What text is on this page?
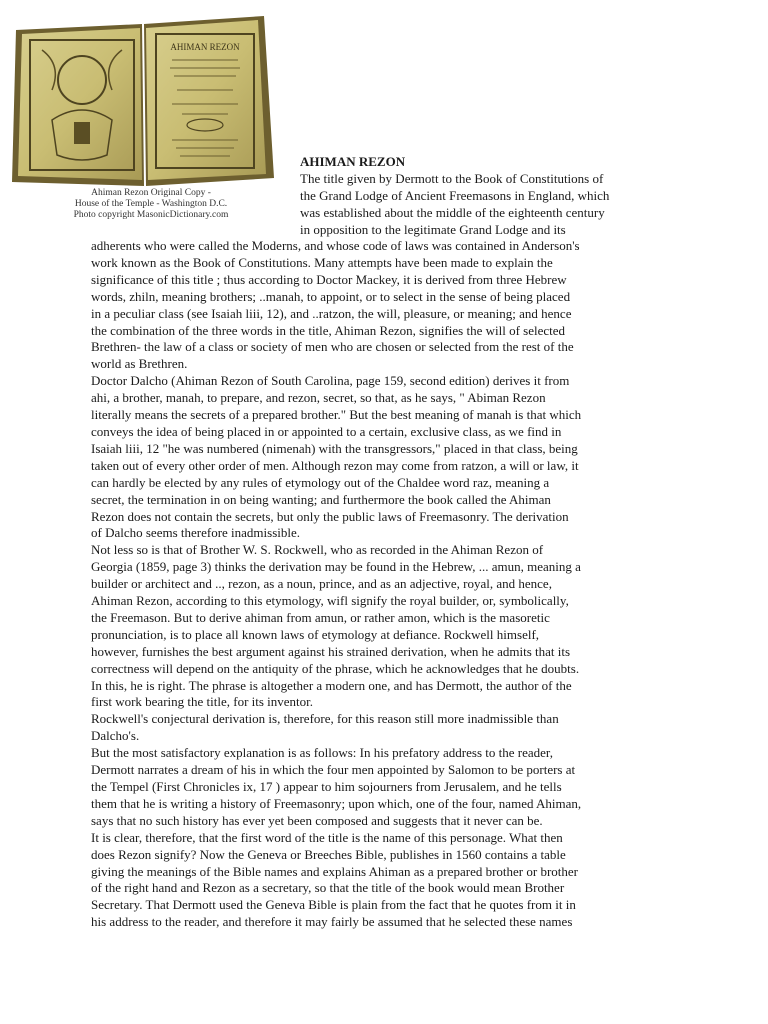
AHIMAN REZON
Ahiman Rezon Original Copy -
House of the Temple - Washington D.C.
Photo copyright MasonicDictionary.com
AHIMAN REZON
The title given by Dermott to the Book of Constitutions of
the Grand Lodge of Ancient Freemasons in England, which
was established about the middle of the eighteenth century
in opposition to the legitimate Grand Lodge and its
adherents who were called the Moderns, and whose code of laws was contained in Anderson's
work known as the Book of Constitutions. Many attempts have been made to explain the
significance of this title ; thus according to Doctor Mackey, it is derived from three Hebrew
words, zhiln, meaning brothers; ..manah, to appoint, or to select in the sense of being placed
in a peculiar class (see Isaiah liii, 12), and ..ratzon, the will, pleasure, or meaning; and hence
the combination of the three words in the title, Ahiman Rezon, signifies the will of selected
Brethren- the law of a class or society of men who are chosen or selected from the rest of the
world as Brethren.
Doctor Dalcho (Ahiman Rezon of South Carolina, page 159, second edition) derives it from
ahi, a brother, manah, to prepare, and rezon, secret, so that, as he says, " Abiman Rezon
literally means the secrets of a prepared brother." But the best meaning of manah is that which
conveys the idea of being placed in or appointed to a certain, exclusive class, as we find in
Isaiah liii, 12 "he was numbered (nimenah) with the transgressors," placed in that class, being
taken out of every other order of men. Although rezon may come from ratzon, a will or law, it
can hardly be elected by any rules of etymology out of the Chaldee word raz, meaning a
secret, the termination in on being wanting; and furthermore the book called the Ahiman
Rezon does not contain the secrets, but only the public laws of Freemasonry. The derivation
of Dalcho seems therefore inadmissible.
Not less so is that of Brother W. S. Rockwell, who as recorded in the Ahiman Rezon of
Georgia (1859, page 3) thinks the derivation may be found in the Hebrew, ... amun, meaning a
builder or architect and .., rezon, as a noun, prince, and as an adjective, royal, and hence,
Ahiman Rezon, according to this etymology, wifl signify the royal builder, or, symbolically,
the Freemason. But to derive ahiman from amun, or rather amon, which is the masoretic
pronunciation, is to place all known laws of etymology at defiance. Rockwell himself,
however, furnishes the best argument against his strained derivation, when he admits that its
correctness will depend on the antiquity of the phrase, which he acknowledges that he doubts.
In this, he is right. The phrase is altogether a modern one, and has Dermott, the author of the
first work bearing the title, for its inventor.
Rockwell's conjectural derivation is, therefore, for this reason still more inadmissible than
Dalcho's.
But the most satisfactory explanation is as follows: In his prefatory address to the reader,
Dermott narrates a dream of his in which the four men appointed by Salomon to be porters at
the Tempel (First Chronicles ix, 17 ) appear to him sojourners from Jerusalem, and he tells
them that he is writing a history of Freemasonry; upon which, one of the four, named Ahiman,
says that no such history has ever yet been composed and suggests that it never can be.
It is clear, therefore, that the first word of the title is the name of this personage. What then
does Rezon signify? Now the Geneva or Breeches Bible, publishes in 1560 contains a table
giving the meanings of the Bible names and explains Ahiman as a prepared brother or brother
of the right hand and Rezon as a secretary, so that the title of the book would mean Brother
Secretary. That Dermott used the Geneva Bible is plain from the fact that he quotes from it in
his address to the reader, and therefore it may fairly be assumed that he selected these names
